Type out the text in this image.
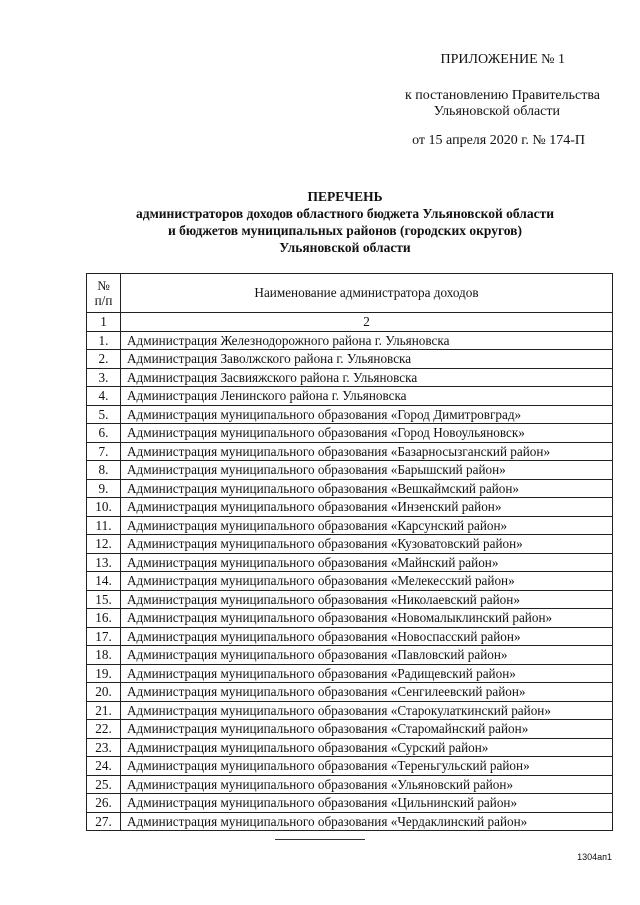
ПРИЛОЖЕНИЕ № 1
к постановлению Правительства
Ульяновской области
от 15 апреля 2020 г. № 174-П
ПЕРЕЧЕНЬ
администраторов доходов областного бюджета Ульяновской области
и бюджетов муниципальных районов (городских округов)
Ульяновской области
№
п/п	Наименование администратора доходов
1	2
1.	Администрация Железнодорожного района г. Ульяновска
2.	Администрация Заволжского района г. Ульяновска
3.	Администрация Засвияжского района г. Ульяновска
4.	Администрация Ленинского района г. Ульяновска
5.	Администрация муниципального образования «Город Димитровград»
6.	Администрация муниципального образования «Город Новоульяновск»
7.	Администрация муниципального образования «Базарносызганский район»
8.	Администрация муниципального образования «Барышский район»
9.	Администрация муниципального образования «Вешкаймский район»
10.	Администрация муниципального образования «Инзенский район»
11.	Администрация муниципального образования «Карсунский район»
12.	Администрация муниципального образования «Кузоватовский район»
13.	Администрация муниципального образования «Майнский район»
14.	Администрация муниципального образования «Мелекесский район»
15.	Администрация муниципального образования «Николаевский район»
16.	Администрация муниципального образования «Новомалыклинский район»
17.	Администрация муниципального образования «Новоспасский район»
18.	Администрация муниципального образования «Павловский район»
19.	Администрация муниципального образования «Радищевский район»
20.	Администрация муниципального образования «Сенгилеевский район»
21.	Администрация муниципального образования «Старокулаткинский район»
22.	Администрация муниципального образования «Старомайнский район»
23.	Администрация муниципального образования «Сурский район»
24.	Администрация муниципального образования «Тереньгульский район»
25.	Администрация муниципального образования «Ульяновский район»
26.	Администрация муниципального образования «Цильнинский район»
27.	Администрация муниципального образования «Чердаклинский район»
1304ап1
